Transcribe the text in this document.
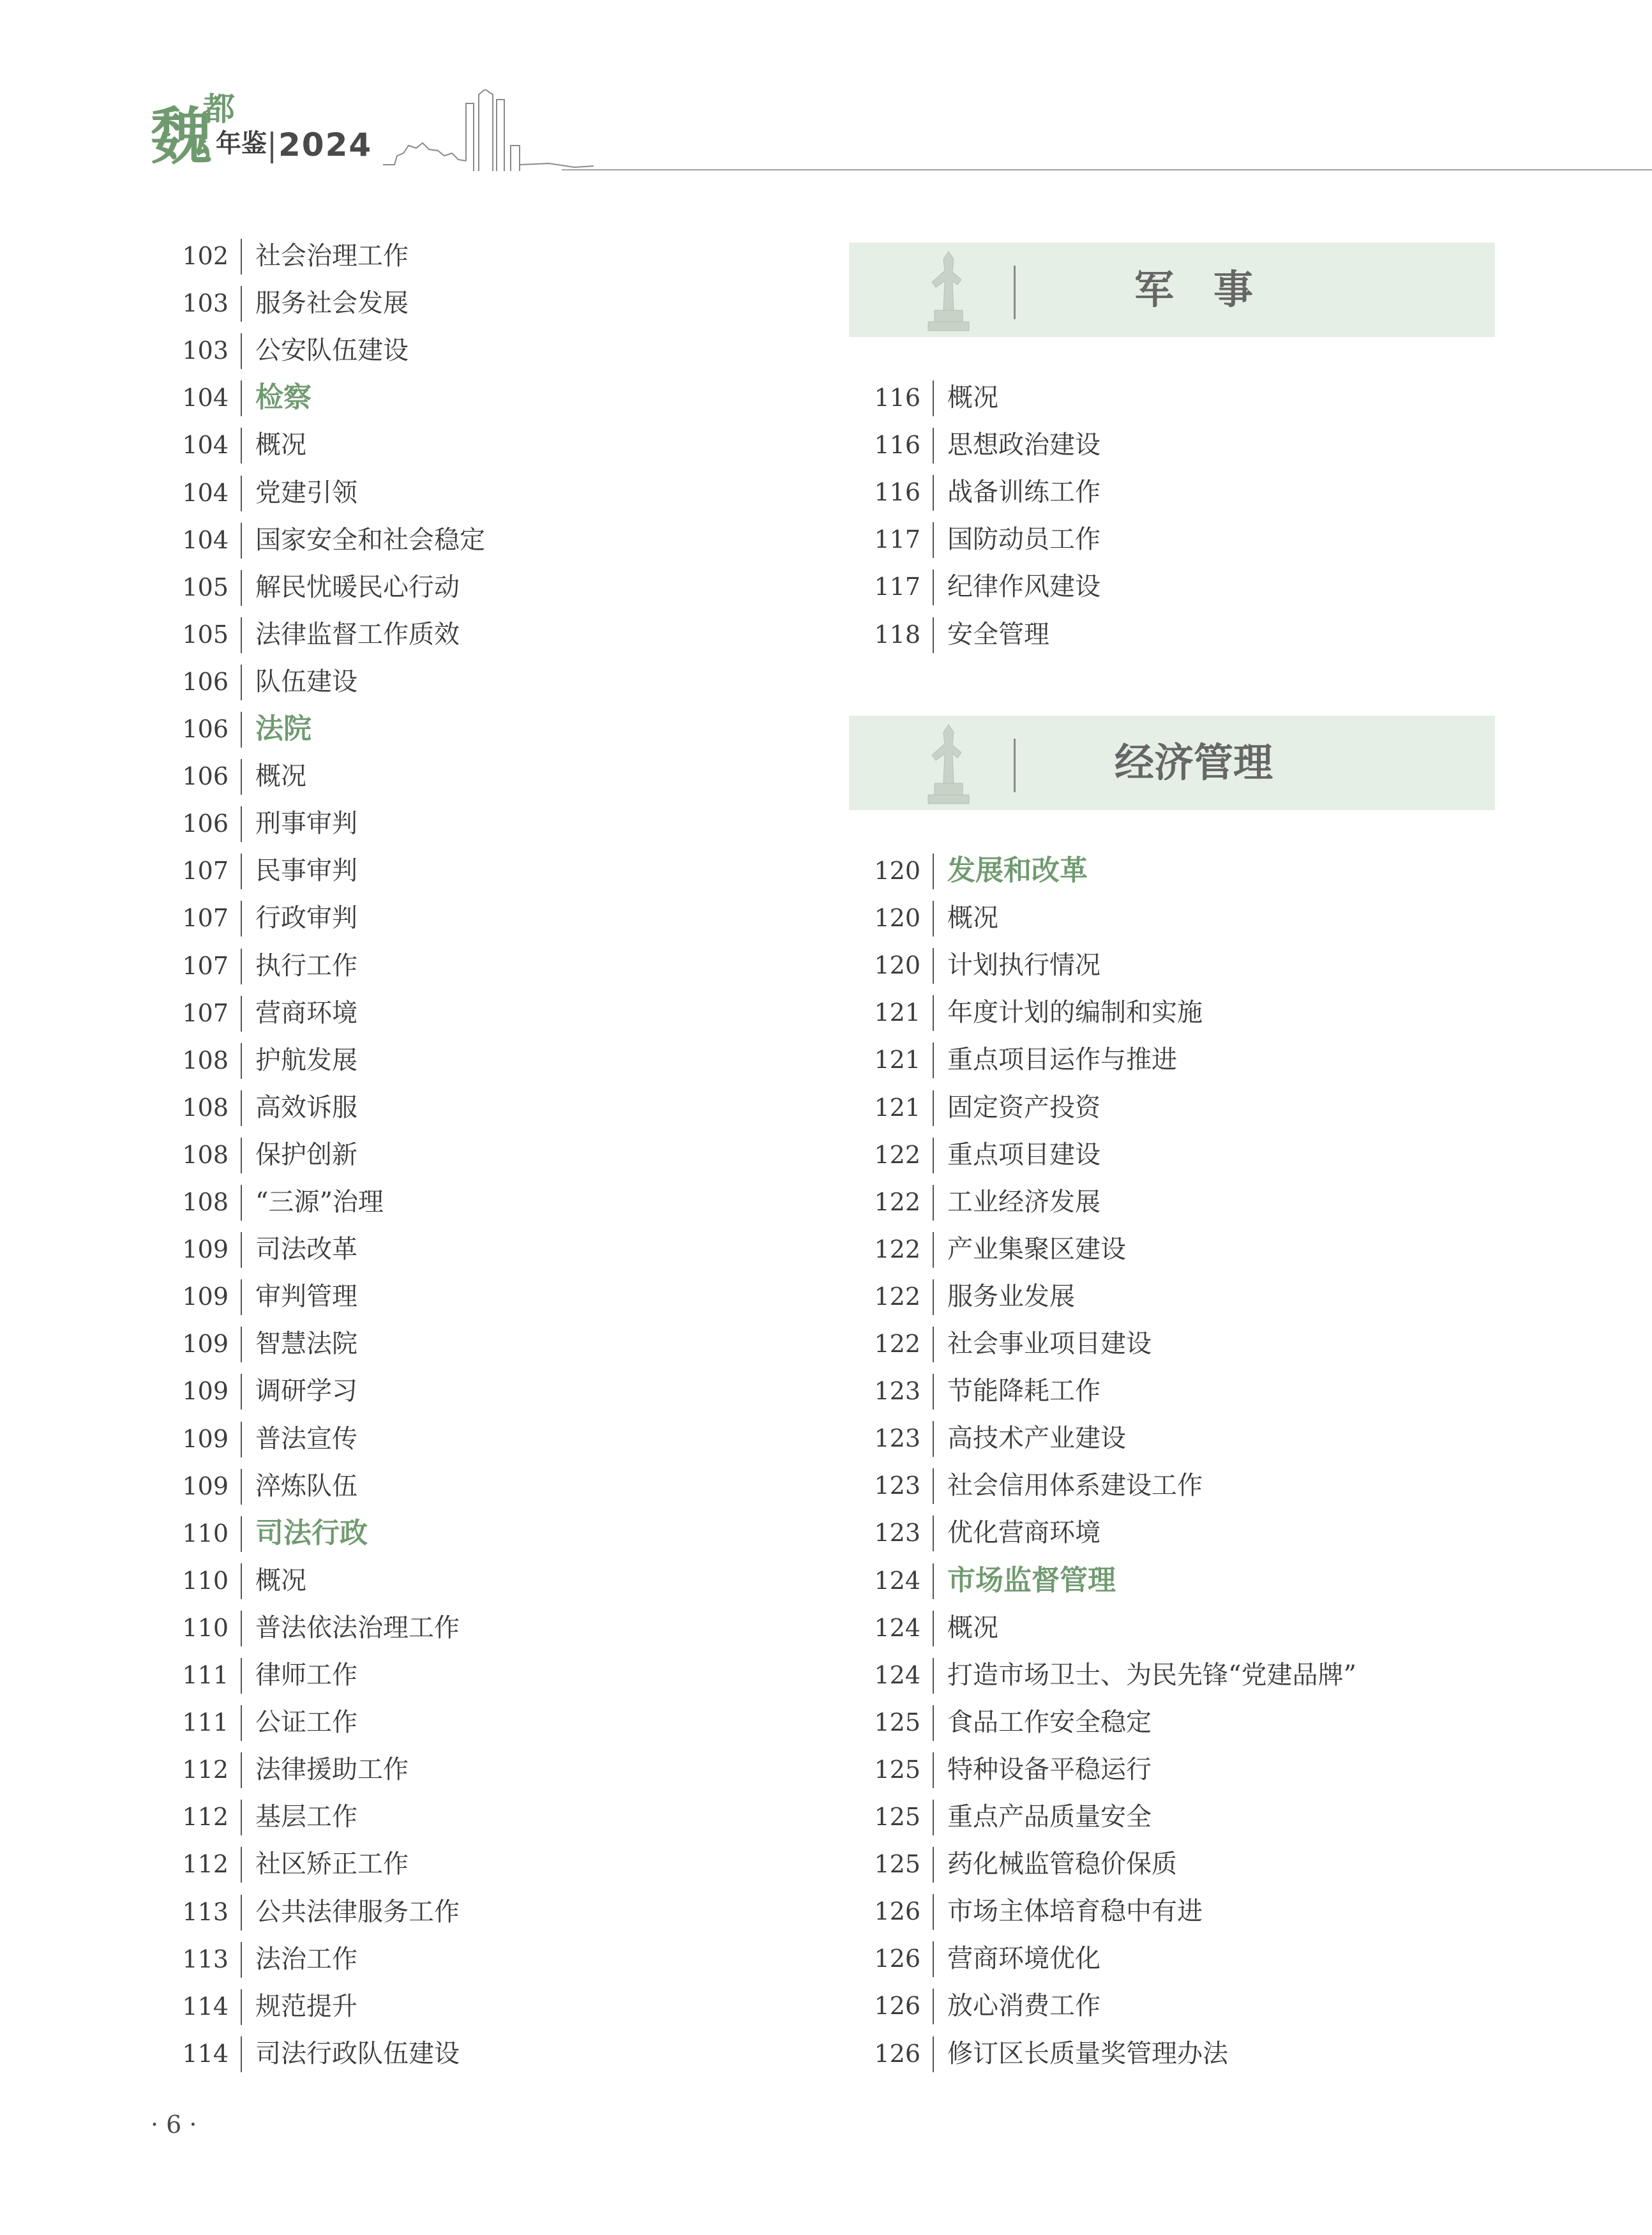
魏
都
年鉴 2024
102 社会治理工作
103 服务社会发展
103 公安队伍建设
104 检察
104 概况
104 党建引领
104 国家安全和社会稳定
105 解民忧暖民心行动
105 法律监督工作质效
106 队伍建设
106 法院
106 概况
106 刑事审判
107 民事审判
107 行政审判
107 执行工作
107 营商环境
108 护航发展
108 高效诉服
108 保护创新
108 “三源”治理
109 司法改革
109 审判管理
109 智慧法院
109 调研学习
109 普法宣传
109 淬炼队伍
110 司法行政
110 概况
110 普法依法治理工作
111 律师工作
111 公证工作
112 法律援助工作
112 基层工作
112 社区矫正工作
113 公共法律服务工作
113 法治工作
114 规范提升
114 司法行政队伍建设
军　事
116 概况
116 思想政治建设
116 战备训练工作
117 国防动员工作
117 纪律作风建设
118 安全管理
经济管理
120 发展和改革
120 概况
120 计划执行情况
121 年度计划的编制和实施
121 重点项目运作与推进
121 固定资产投资
122 重点项目建设
122 工业经济发展
122 产业集聚区建设
122 服务业发展
122 社会事业项目建设
123 节能降耗工作
123 高技术产业建设
123 社会信用体系建设工作
123 优化营商环境
124 市场监督管理
124 概况
124 打造市场卫士、为民先锋“党建品牌”
125 食品工作安全稳定
125 特种设备平稳运行
125 重点产品质量安全
125 药化械监管稳价保质
126 市场主体培育稳中有进
126 营商环境优化
126 放心消费工作
126 修订区长质量奖管理办法
· 6 ·
